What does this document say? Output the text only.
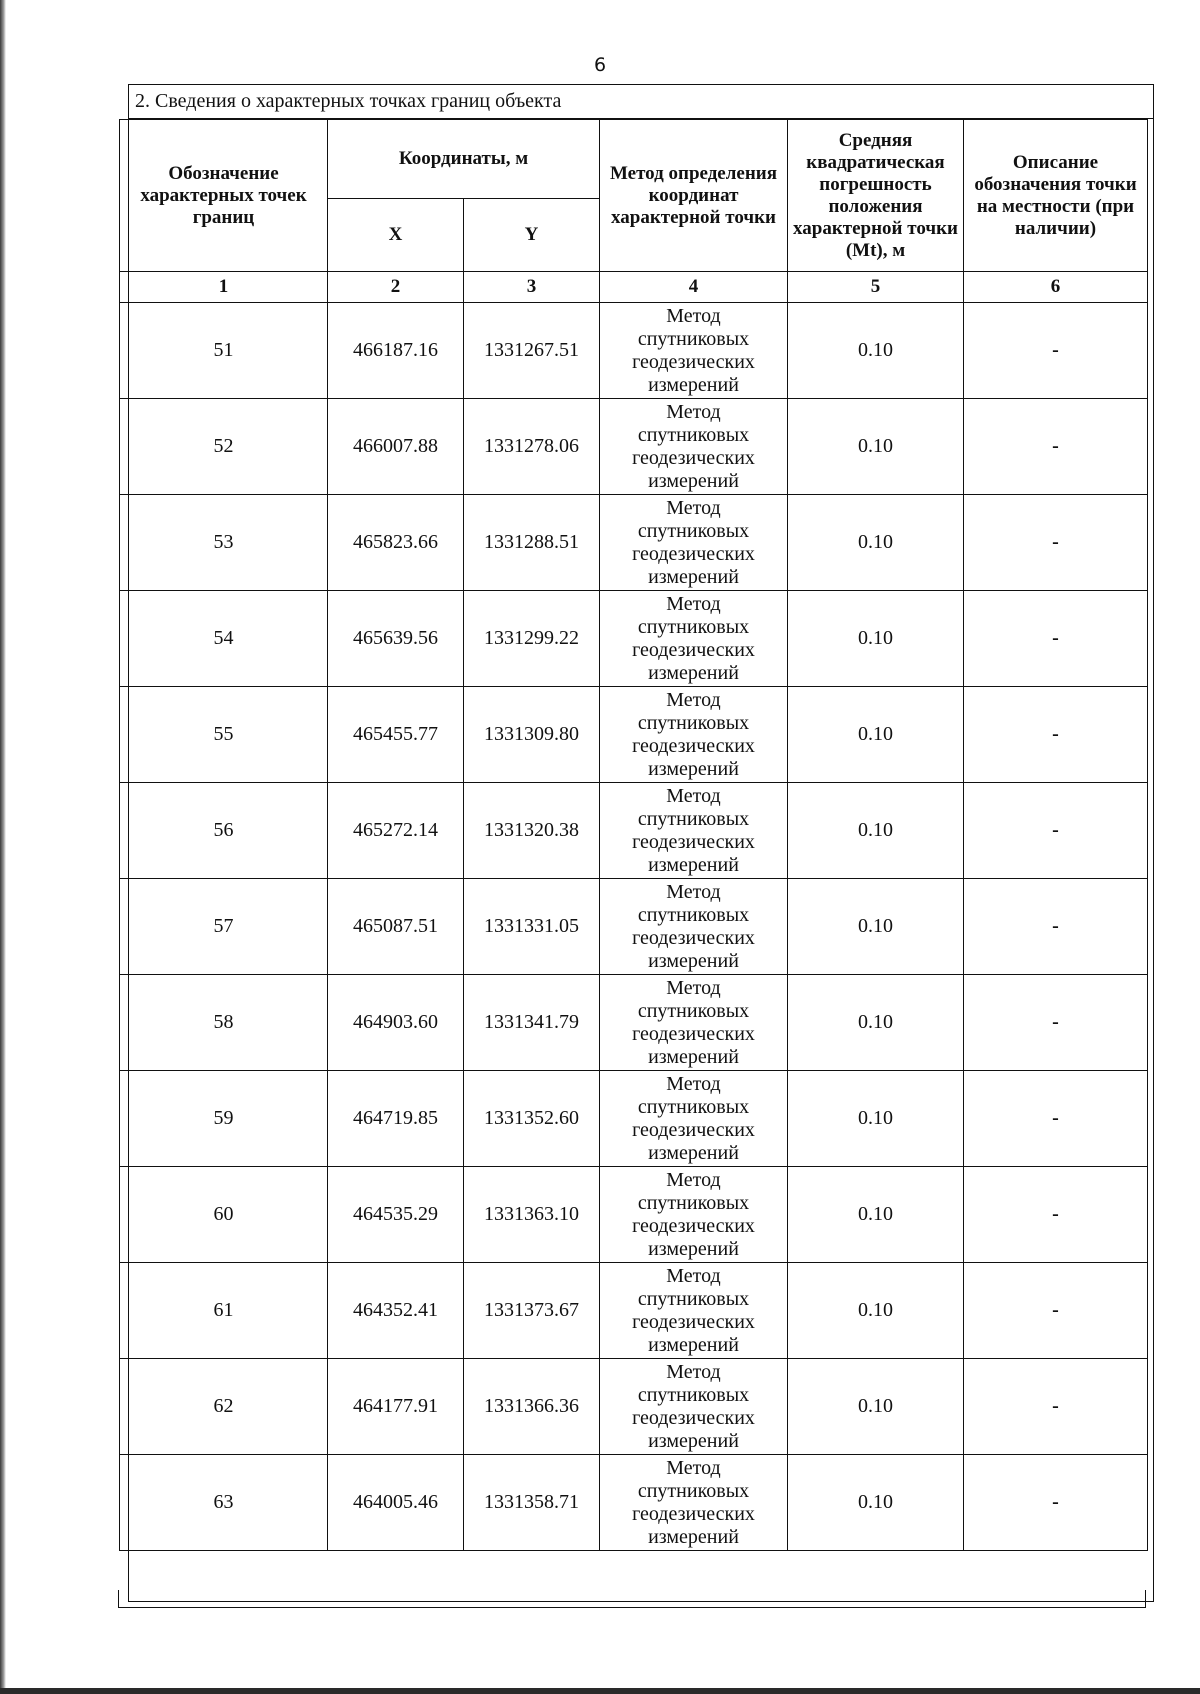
6
2. Сведения о характерных точках границ объекта
Обозначение характерных точек границ	Координаты, м		Метод определения координат характерной точки	Средняя квадратическая погрешность положения характерной точки (Mt), м	Описание обозначения точки на местности (при наличии)
	X	Y			
1	2	3	4	5	6
51	466187.16	1331267.51	Метод
спутниковых
геодезических
измерений	0.10	-
52	466007.88	1331278.06	Метод
спутниковых
геодезических
измерений	0.10	-
53	465823.66	1331288.51	Метод
спутниковых
геодезических
измерений	0.10	-
54	465639.56	1331299.22	Метод
спутниковых
геодезических
измерений	0.10	-
55	465455.77	1331309.80	Метод
спутниковых
геодезических
измерений	0.10	-
56	465272.14	1331320.38	Метод
спутниковых
геодезических
измерений	0.10	-
57	465087.51	1331331.05	Метод
спутниковых
геодезических
измерений	0.10	-
58	464903.60	1331341.79	Метод
спутниковых
геодезических
измерений	0.10	-
59	464719.85	1331352.60	Метод
спутниковых
геодезических
измерений	0.10	-
60	464535.29	1331363.10	Метод
спутниковых
геодезических
измерений	0.10	-
61	464352.41	1331373.67	Метод
спутниковых
геодезических
измерений	0.10	-
62	464177.91	1331366.36	Метод
спутниковых
геодезических
измерений	0.10	-
63	464005.46	1331358.71	Метод
спутниковых
геодезических
измерений	0.10	-
